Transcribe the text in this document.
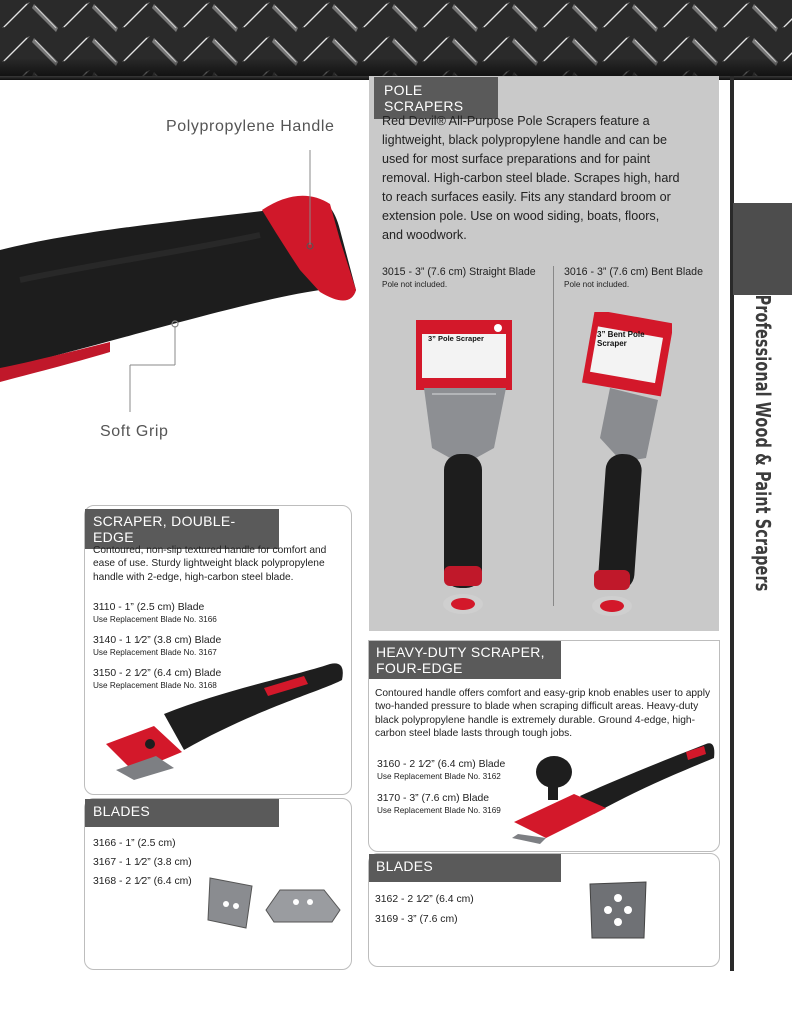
Professional Wood & Paint Scrapers
Polypropylene Handle
Soft Grip
POLE SCRAPERS
Red Devil® All-Purpose Pole Scrapers feature a lightweight, black polypropylene handle and can be used for most surface preparations and for paint removal. High-carbon steel blade. Scrapes high, hard to reach surfaces easily. Fits any standard broom or extension pole. Use on wood siding, boats, floors, and woodwork.
3015 - 3” (7.6 cm) Straight Blade
Pole not included.
3016 - 3” (7.6 cm) Bent Blade
Pole not included.
3” Pole Scraper	3” Bent Pole Scraper
SCRAPER, DOUBLE-EDGE
Contoured, non-slip textured handle for comfort and ease of use. Sturdy lightweight black polypropylene handle with 2-edge, high-carbon steel blade.
3110 - 1” (2.5 cm) Blade
Use Replacement Blade No. 3166
3140 - 1 1⁄2” (3.8 cm) Blade
Use Replacement Blade No. 3167
3150 - 2 1⁄2” (6.4 cm) Blade
Use Replacement Blade No. 3168
BLADES
3166 - 1” (2.5 cm)
3167 - 1 1⁄2” (3.8 cm)
3168 - 2 1⁄2” (6.4 cm)
HEAVY-DUTY SCRAPER,
FOUR-EDGE
Contoured handle offers comfort and easy-grip knob enables user to apply two-handed pressure to blade when scraping difficult areas. Heavy-duty black polypropylene handle is extremely durable. Ground 4-edge, high-carbon steel blade lasts through tough jobs.
3160 - 2 1⁄2” (6.4 cm) Blade
Use Replacement Blade No. 3162
3170 - 3” (7.6 cm) Blade
Use Replacement Blade No. 3169
BLADES
3162 - 2 1⁄2” (6.4 cm)
3169 - 3” (7.6 cm)
